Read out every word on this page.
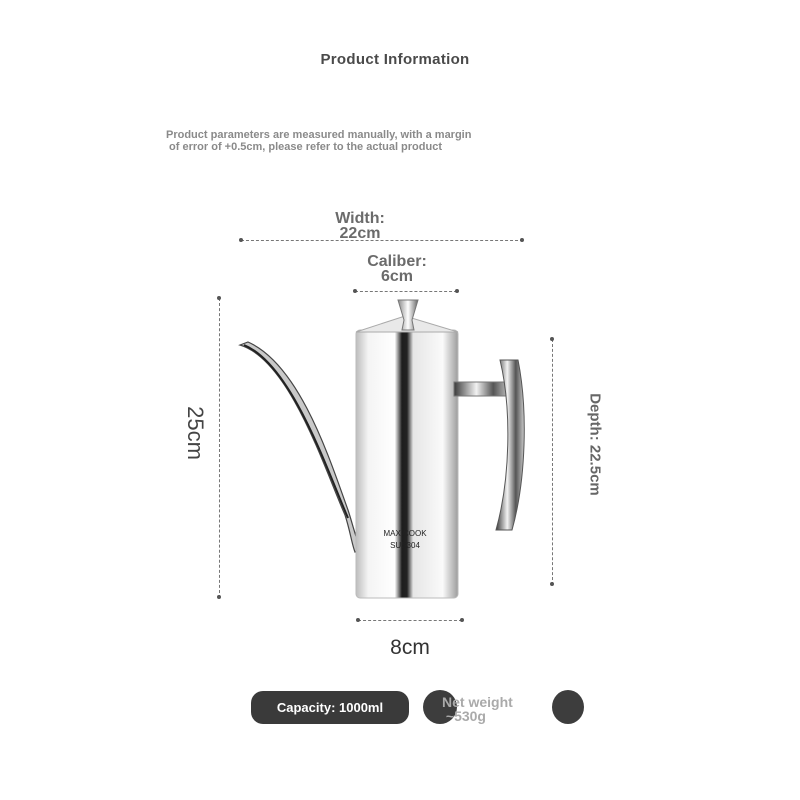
Product Information
Product parameters are measured manually, with a margin
of error of +0.5cm, please refer to the actual product
Width:
22cm
Caliber:
6cm
25cm	Depth: 22.5cm
8cm
MAX COOK
SUS304
Capacity: 1000ml	Net weight
~530g
